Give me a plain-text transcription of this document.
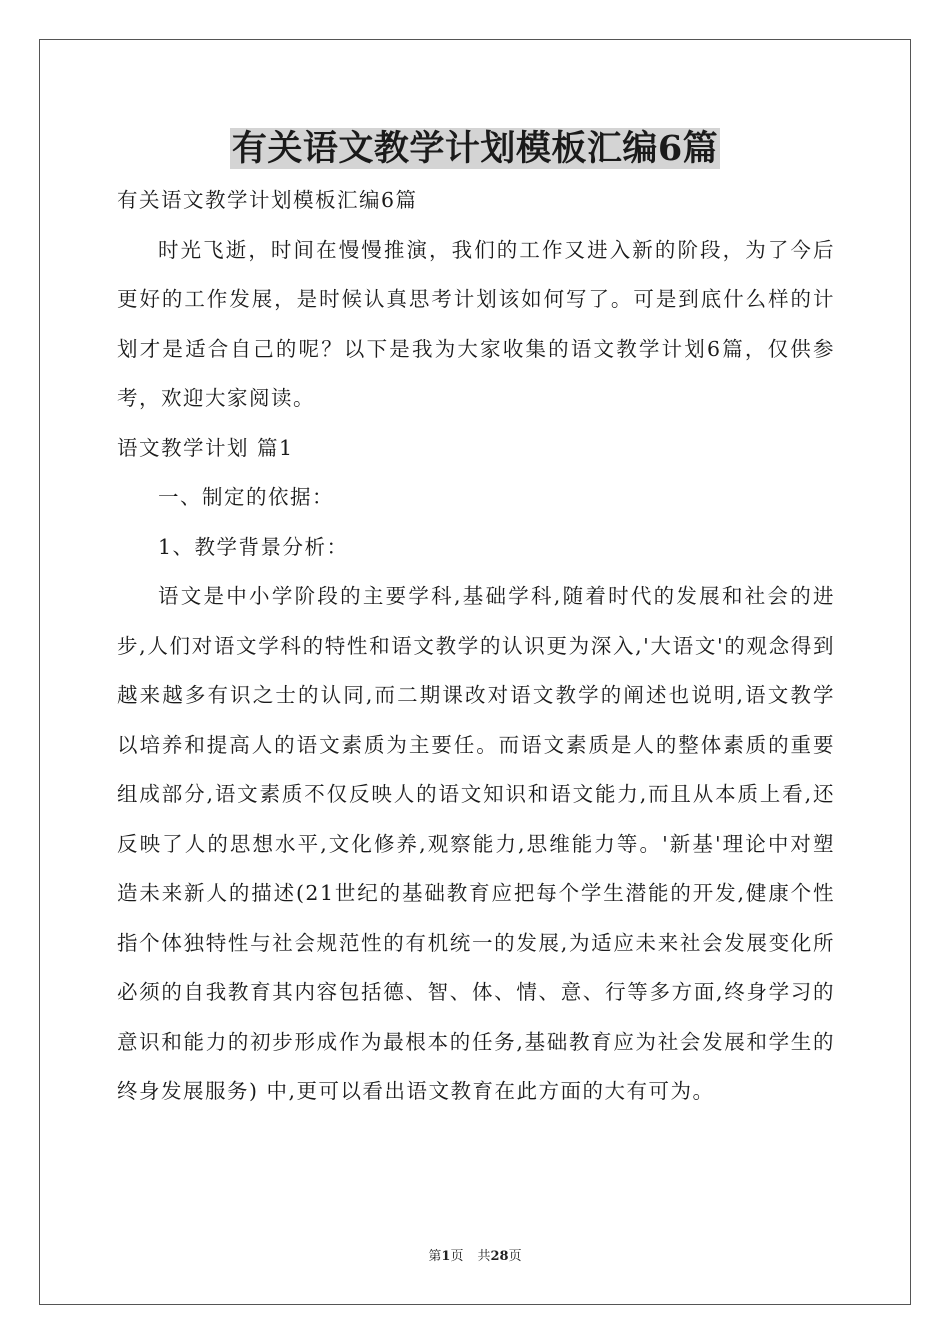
有关语文教学计划模板汇编6篇

有关语文教学计划模板汇编6篇

时光飞逝，时间在慢慢推演，我们的工作又进入新的阶段，为了今后更好的工作发展，是时候认真思考计划该如何写了。可是到底什么样的计划才是适合自己的呢？以下是我为大家收集的语文教学计划6篇，仅供参考，欢迎大家阅读。

语文教学计划 篇1

一、制定的依据：

1、教学背景分析：

语文是中小学阶段的主要学科,基础学科,随着时代的发展和社会的进步,人们对语文学科的特性和语文教学的认识更为深入,'大语文'的观念得到越来越多有识之士的认同,而二期课改对语文教学的阐述也说明,语文教学以培养和提高人的语文素质为主要任。而语文素质是人的整体素质的重要组成部分,语文素质不仅反映人的语文知识和语文能力,而且从本质上看,还反映了人的思想水平,文化修养,观察能力,思维能力等。'新基'理论中对塑造未来新人的描述(21世纪的基础教育应把每个学生潜能的开发,健康个性指个体独特性与社会规范性的有机统一的发展,为适应未来社会发展变化所必须的自我教育其内容包括德、智、体、情、意、行等多方面,终身学习的意识和能力的初步形成作为最根本的任务,基础教育应为社会发展和学生的终身发展服务) 中,更可以看出语文教育在此方面的大有可为。

第1页 共28页
